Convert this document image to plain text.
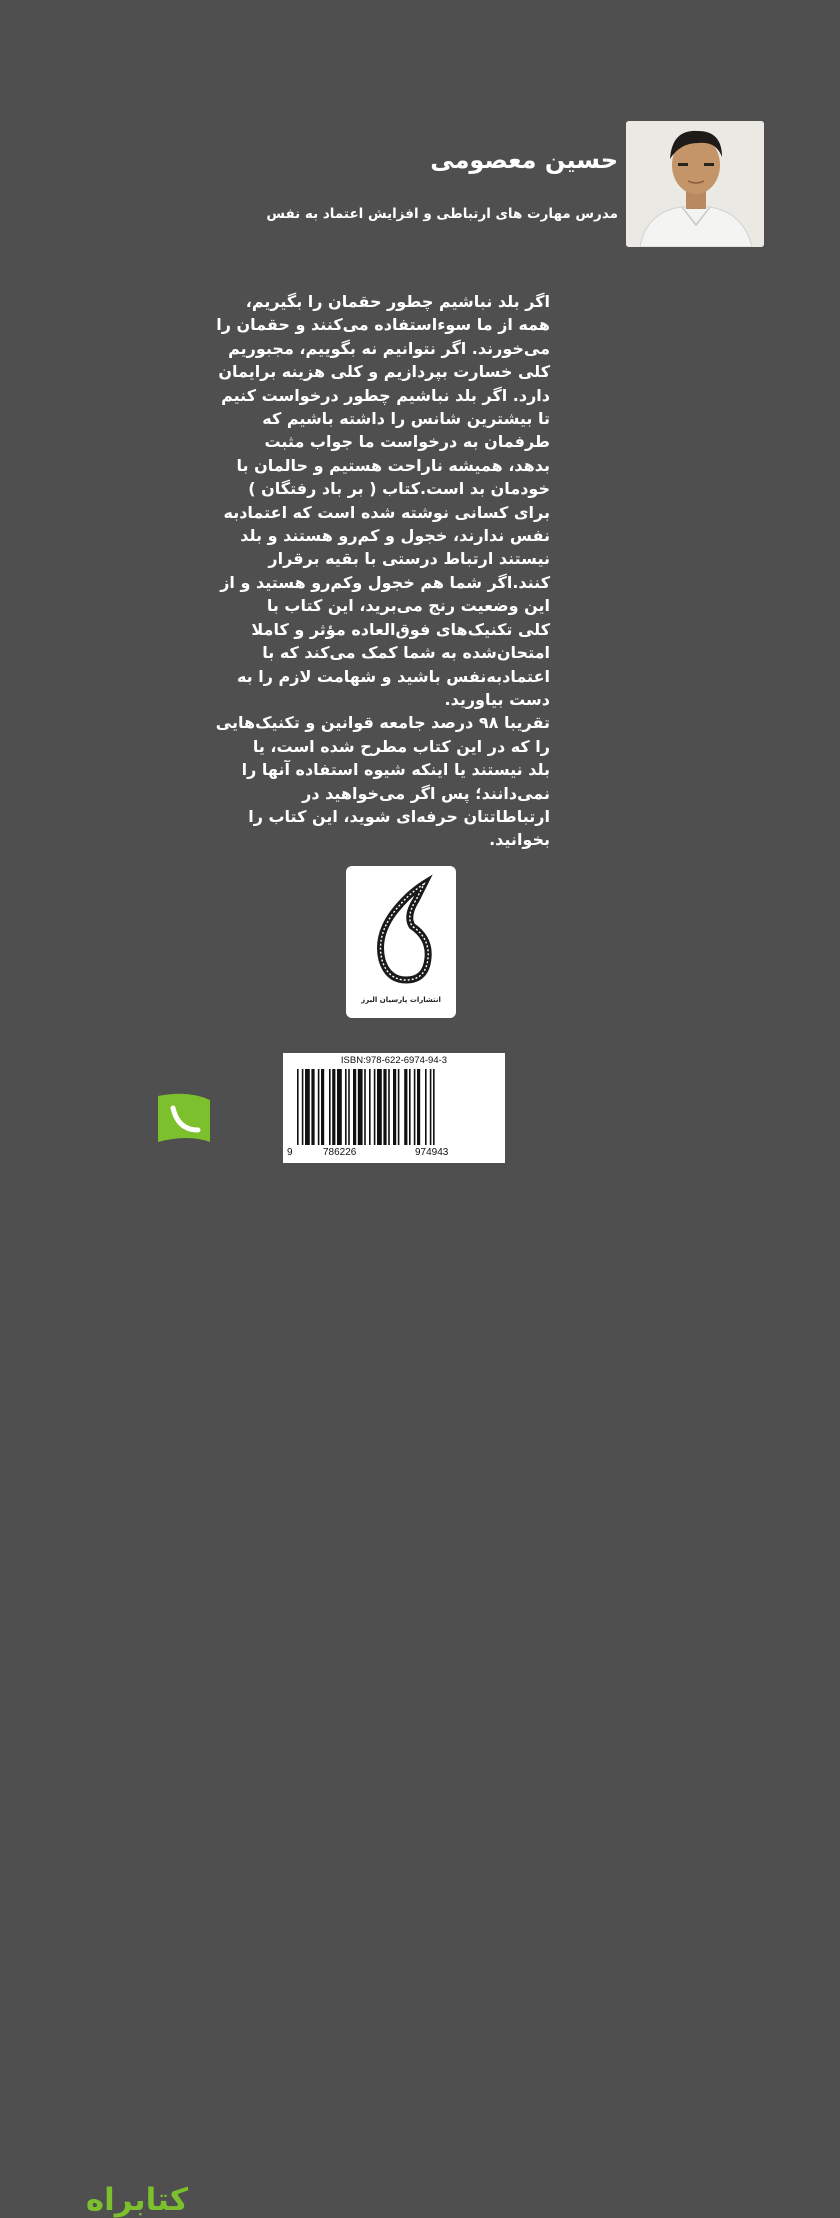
حسین معصومی
مدرس مهارت های ارتباطی و افزایش اعتماد به نفس

اگر بلد نباشیم چطور حقمان را بگیریم،
همه از ما سوءاستفاده می‌کنند و حقمان را
می‌خورند. اگر نتوانیم نه بگوییم، مجبوریم
کلی خسارت بپردازیم و کلی هزینه برایمان
دارد. اگر بلد نباشیم چطور درخواست کنیم
تا بیشترین شانس را داشته باشیم که
طرفمان به درخواست ما جواب مثبت
بدهد، همیشه ناراحت هستیم و حالمان با
خودمان بد است.کتاب ( بر باد رفتگان )
برای کسانی نوشته شده است که اعتمادبه
نفس ندارند، خجول و کم‌رو هستند و بلد
نیستند ارتباط درستی با بقیه برقرار
کنند.اگر شما هم خجول وکم‌رو هستید و از
این وضعیت رنج می‌برید، این کتاب با
کلی تکنیک‌های فوق‌العاده مؤثر و کاملا
امتحان‌شده به شما کمک می‌کند که با
اعتمادبه‌نفس باشید و شهامت لازم را به
دست بیاورید.
تقریبا ۹۸ درصد جامعه قوانین و تکنیک‌هایی
را که در این کتاب مطرح شده است، یا
بلد نیستند یا اینکه شیوه استفاده آنها را
نمی‌دانند؛ پس اگر می‌خواهید در
ارتباطاتتان حرفه‌ای شوید، این کتاب را
بخوانید.

انتشارات پارسیان البرز
ISBN:978-622-6974-94-3
9	786226	974943
کتابراه
